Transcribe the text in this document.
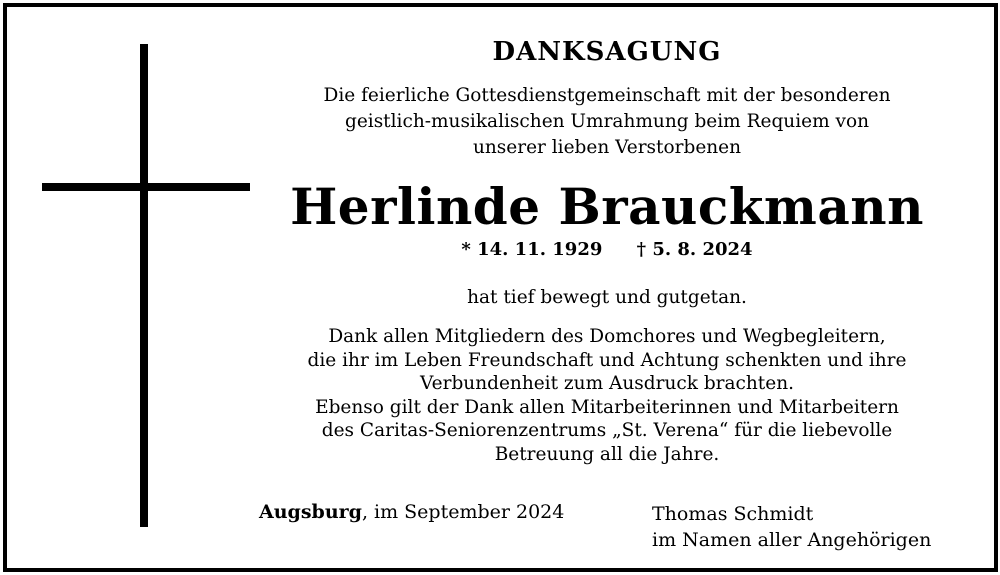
DANKSAGUNG
Die feierliche Gottesdienstgemeinschaft mit der besonderen
geistlich-musikalischen Umrahmung beim Requiem von
unserer lieben Verstorbenen
Herlinde Brauckmann
* 14. 11. 1929 † 5. 8. 2024
hat tief bewegt und gutgetan.
Dank allen Mitgliedern des Domchores und Wegbegleitern,
die ihr im Leben Freundschaft und Achtung schenkten und ihre
Verbundenheit zum Ausdruck brachten.
Ebenso gilt der Dank allen Mitarbeiterinnen und Mitarbeitern
des Caritas-Seniorenzentrums „St. Verena“ für die liebevolle
Betreuung all die Jahre.
Augsburg, im September 2024	Thomas Schmidt
im Namen aller Angehörigen
